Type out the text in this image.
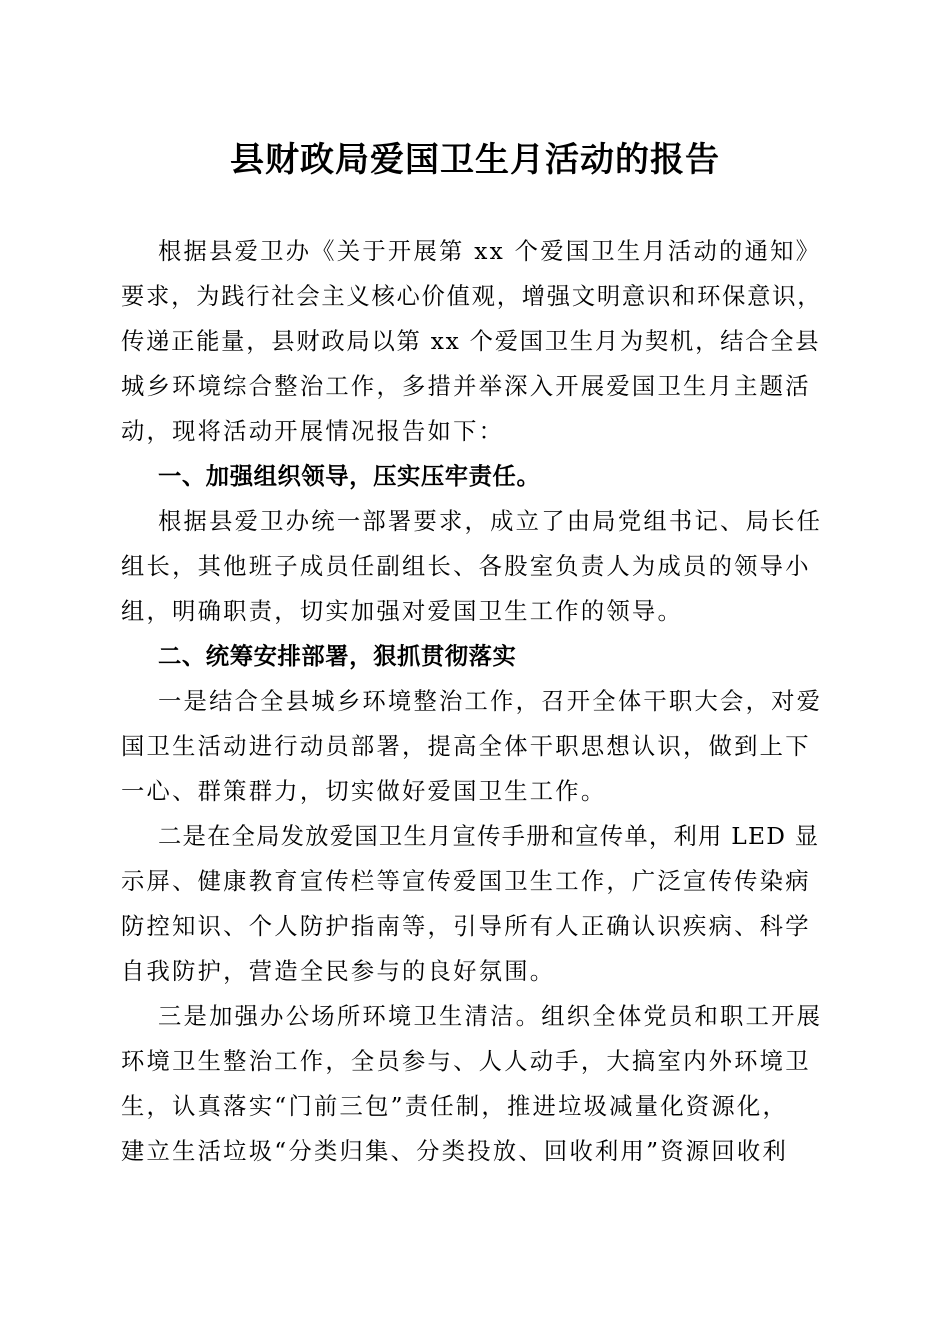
县财政局爱国卫生月活动的报告
根据县爱卫办《关于开展第 xx 个爱国卫生月活动的通知》
要求，为践行社会主义核心价值观，增强文明意识和环保意识，
传递正能量，县财政局以第 xx 个爱国卫生月为契机，结合全县
城乡环境综合整治工作，多措并举深入开展爱国卫生月主题活
动，现将活动开展情况报告如下：
一、加强组织领导，压实压牢责任。
根据县爱卫办统一部署要求，成立了由局党组书记、局长任
组长，其他班子成员任副组长、各股室负责人为成员的领导小
组，明确职责，切实加强对爱国卫生工作的领导。
二、统筹安排部署，狠抓贯彻落实
一是结合全县城乡环境整治工作，召开全体干职大会，对爱
国卫生活动进行动员部署，提高全体干职思想认识，做到上下
一心、群策群力，切实做好爱国卫生工作。
二是在全局发放爱国卫生月宣传手册和宣传单，利用 LED 显
示屏、健康教育宣传栏等宣传爱国卫生工作，广泛宣传传染病
防控知识、个人防护指南等，引导所有人正确认识疾病、科学
自我防护，营造全民参与的良好氛围。
三是加强办公场所环境卫生清洁。组织全体党员和职工开展
环境卫生整治工作，全员参与、人人动手，大搞室内外环境卫
生，认真落实“门前三包”责任制，推进垃圾减量化资源化，
建立生活垃圾“分类归集、分类投放、回收利用”资源回收利
